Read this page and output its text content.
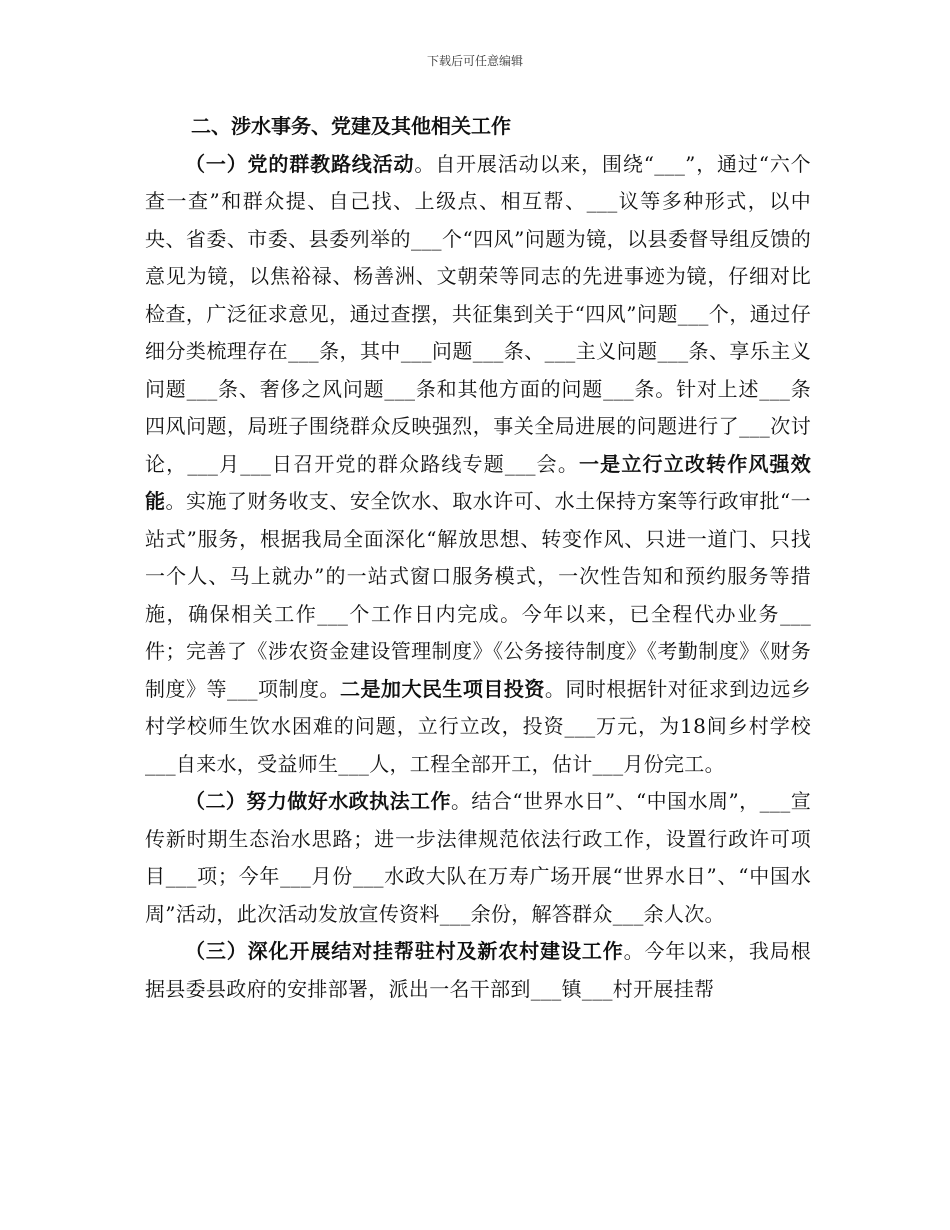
下载后可任意编辑
二、涉水事务、党建及其他相关工作

（一）党的群教路线活动。自开展活动以来，围绕“___”，通过“六个查一查”和群众提、自己找、上级点、相互帮、___议等多种形式，以中央、省委、市委、县委列举的___个“四风”问题为镜，以县委督导组反馈的意见为镜，以焦裕禄、杨善洲、文朝荣等同志的先进事迹为镜，仔细对比检查，广泛征求意见，通过查摆，共征集到关于“四风”问题___个，通过仔细分类梳理存在___条，其中___问题___条、___主义问题___条、享乐主义问题___条、奢侈之风问题___条和其他方面的问题___条。针对上述___条四风问题，局班子围绕群众反映强烈，事关全局进展的问题进行了___次讨论，___月___日召开党的群众路线专题___会。一是立行立改转作风强效能。实施了财务收支、安全饮水、取水许可、水土保持方案等行政审批“一站式”服务，根据我局全面深化“解放思想、转变作风、只进一道门、只找一个人、马上就办”的一站式窗口服务模式，一次性告知和预约服务等措施，确保相关工作___个工作日内完成。今年以来，已全程代办业务___件；完善了《涉农资金建设管理制度》《公务接待制度》《考勤制度》《财务制度》等___项制度。二是加大民生项目投资。同时根据针对征求到边远乡村学校师生饮水困难的问题，立行立改，投资___万元，为18间乡村学校___自来水，受益师生___人，工程全部开工，估计___月份完工。

（二）努力做好水政执法工作。结合“世界水日”、“中国水周”，___宣传新时期生态治水思路；进一步法律规范依法行政工作，设置行政许可项目___项；今年___月份___水政大队在万寿广场开展“世界水日”、“中国水周”活动，此次活动发放宣传资料___余份，解答群众___余人次。

（三）深化开展结对挂帮驻村及新农村建设工作。今年以来，我局根据县委县政府的安排部署，派出一名干部到___镇___村开展挂帮
